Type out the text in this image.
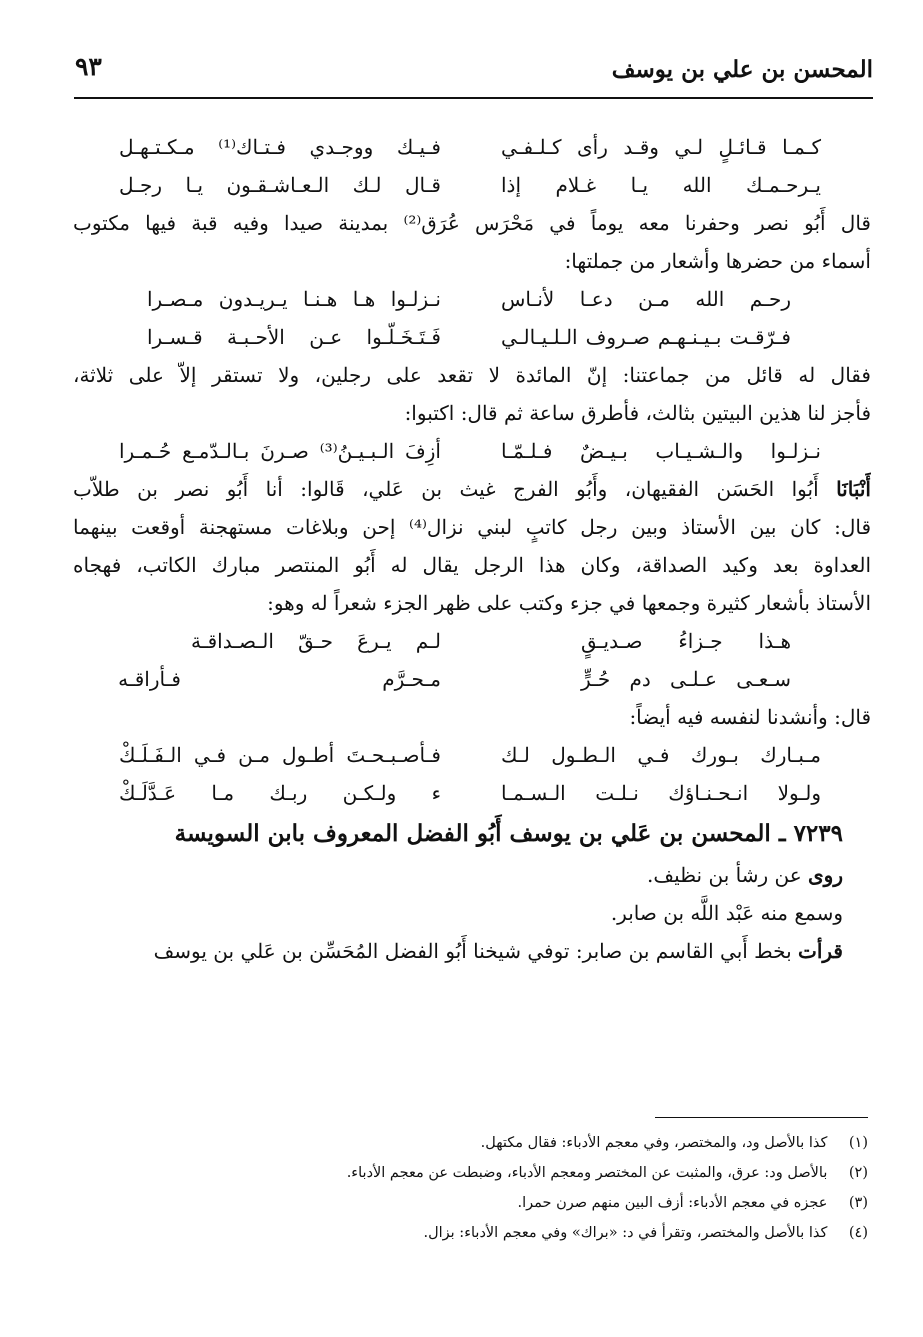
المحسن بن علي بن يوسف
٩٣
كـمـا قـائـلٍ لـي وقـد رأى كـلـفـي
فـيـك ووجـدي فـتـاك⁽¹⁾ مـكـتـهـل
يـرحـمـك الله يـا غـلام إذا
قـال لـك الـعـاشـقـون يـا رجـل
قال أَبُو نصر وحفرنا معه يوماً في مَحْرَس عُرَق⁽²⁾ بمدينة صيدا وفيه قبة فيها مكتوب
أسماء من حضرها وأشعار من جملتها:
رحـم الله مـن دعـا لأنـاس
نـزلـوا هـا هـنـا يـريـدون مـصـرا
فـرّقـت بـيـنـهـم صـروف الـلـيـالـي
فَـتَـخَـلّـوا عـن الأحـبـة قـسـرا
فقال له قائل من جماعتنا: إنّ المائدة لا تقعد على رجلين، ولا تستقر إلاّ على ثلاثة،
فأجز لنا هذين البيتين بثالث، فأطرق ساعة ثم قال: اكتبوا:
نـزلـوا والـشـيـاب بـيـضٌ فـلـمّـا
أزِفَ الـبـيـنُ⁽³⁾ صـرنَ بـالـدّمـع حُـمـرا
أَنْبَانَا أَبُوا الحَسَن الفقيهان، وأَبُو الفرج غيث بن عَلي، قَالوا: أنا أَبُو نصر بن طلاّب
قال: كان بين الأستاذ وبين رجل كاتبٍ لبني نزال⁽⁴⁾ إحن وبلاغات مستهجنة أوقعت بينهما
العداوة بعد وكيد الصداقة، وكان هذا الرجل يقال له أَبُو المنتصر مبارك الكاتب، فهجاه
الأستاذ بأشعار كثيرة وجمعها في جزء وكتب على ظهر الجزء شعراً له وهو:
هـذا جـزاءُ صـديـقٍ
لـم يـرعَ حـقّ الـصـداقـة
سـعـى عـلـى دم حُـرٍّ
مـحـرَّم
فـأراقـه
قال: وأنشدنا لنفسه فيه أيضاً:
مـبـارك بـورك فـي الـطـول لـك
فـأصـبـحـتَ أطـول مـن فـي الـفَـلَـكْ
ولـولا انـحـنـاؤك نـلـت الـسـمـا
ء ولـكـن ربـك مـا عَـدَّلَـكْ
٧٢٣٩ ـ المحسن بن عَلي بن يوسف أَبُو الفضل المعروف بابن السويسة
روى عن رشأ بن نظيف.
وسمع منه عَبْد اللَّه بن صابر.
قرأت بخط أَبي القاسم بن صابر: توفي شيخنا أَبُو الفضل المُحَسِّن بن عَلي بن يوسف
(١) كذا بالأصل ود، والمختصر، وفي معجم الأدباء: فقال مكتهل.
(٢) بالأصل ود: عرق، والمثبت عن المختصر ومعجم الأدباء، وضبطت عن معجم الأدباء.
(٣) عجزه في معجم الأدباء: أزف البين منهم صرن حمرا.
(٤) كذا بالأصل والمختصر، وتقرأ في د: «براك» وفي معجم الأدباء: بزال.
